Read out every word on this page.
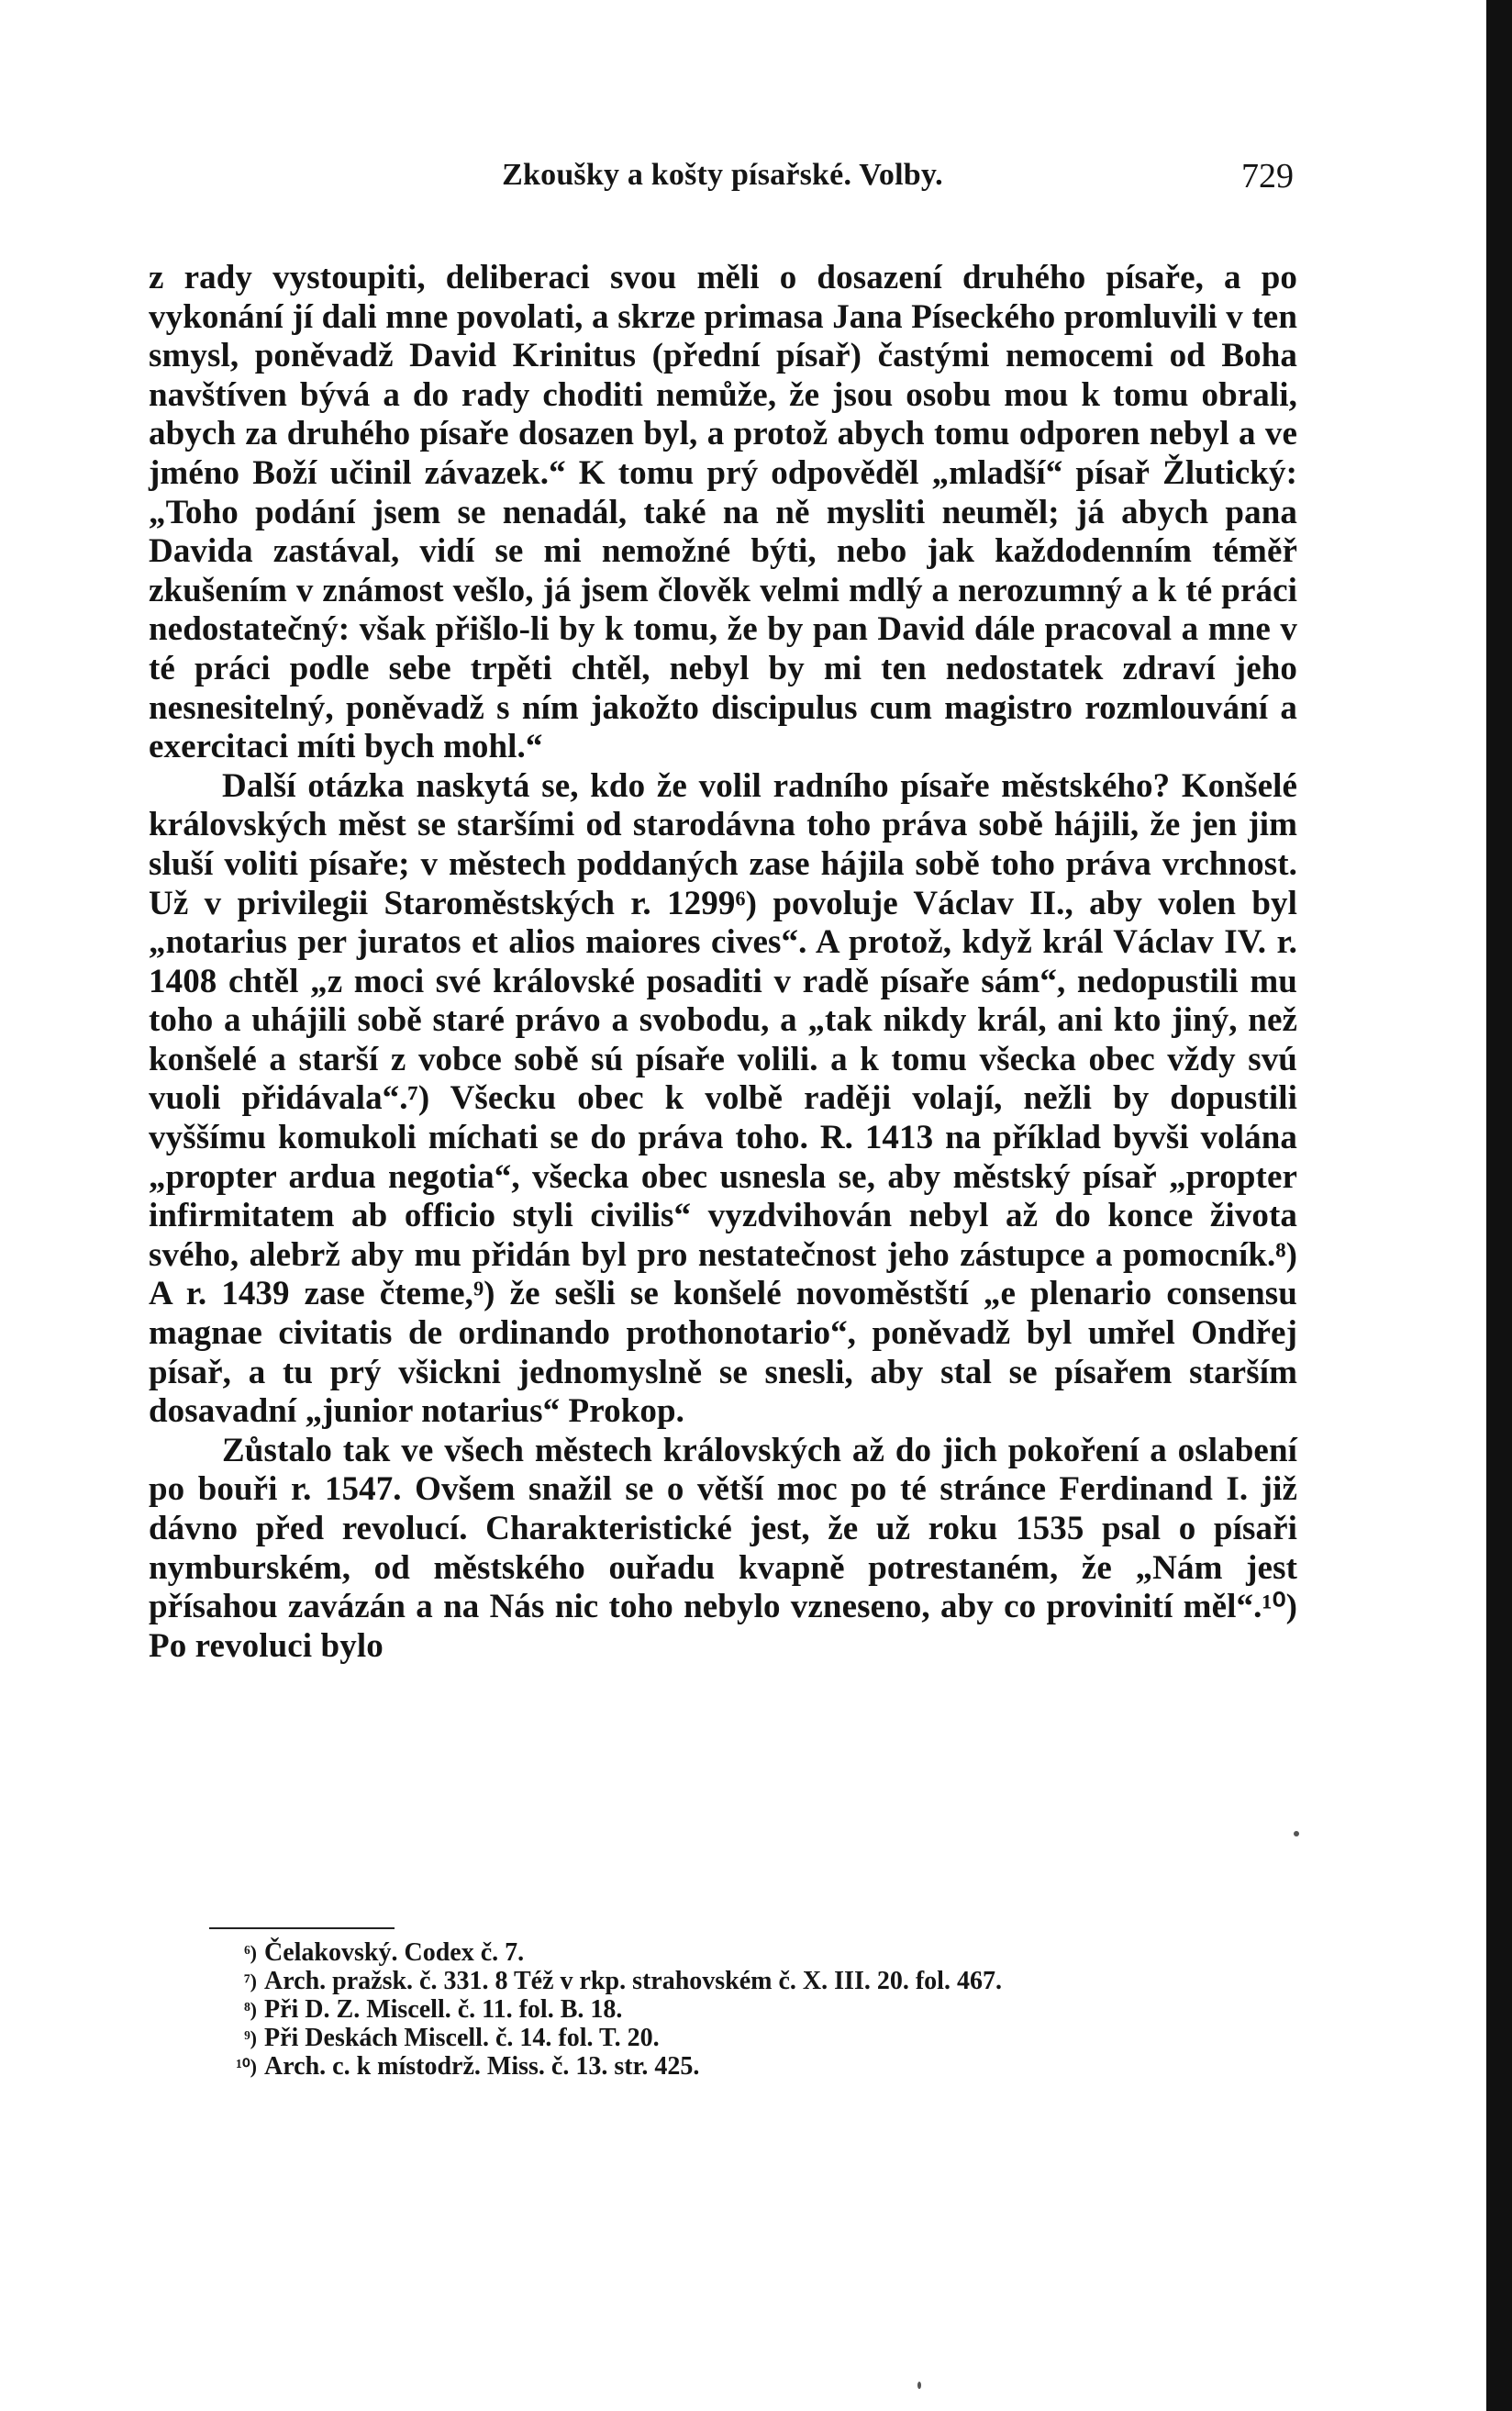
Zkoušky a košty písařské. Volby.	729

z rady vystoupiti, deliberaci svou měli o dosazení druhého písaře, a po vykonání jí dali mne povolati, a skrze primasa Jana Píseckého promluvili v ten smysl, poněvadž David Krinitus (přední písař) častými nemocemi od Boha navštíven bývá a do rady choditi nemůže, že jsou osobu mou k tomu obrali, abych za druhého písaře dosazen byl, a protož abych tomu odporen nebyl a ve jméno Boží učinil závazek.“ K tomu prý odpověděl „mladší“ písař Žlutický: „Toho podání jsem se nenadál, také na ně mysliti neuměl; já abych pana Davida zastával, vidí se mi nemožné býti, nebo jak každodenním téměř zkušením v známost vešlo, já jsem člověk velmi mdlý a nerozumný a k té práci nedostatečný: však přišlo-li by k tomu, že by pan David dále pracoval a mne v té práci podle sebe trpěti chtěl, nebyl by mi ten nedostatek zdraví jeho nesnesitelný, poněvadž s ním jakožto discipulus cum magistro rozmlouvání a exercitaci míti bych mohl.“

Další otázka naskytá se, kdo že volil radního písaře městského? Konšelé královských měst se staršími od starodávna toho práva sobě hájili, že jen jim sluší voliti písaře; v městech poddaných zase hájila sobě toho práva vrchnost. Už v privilegii Staroměstských r. 1299⁶) povoluje Václav II., aby volen byl „notarius per juratos et alios maiores cives“. A protož, když král Václav IV. r. 1408 chtěl „z moci své královské posaditi v radě písaře sám“, nedopustili mu toho a uhájili sobě staré právo a svobodu, a „tak nikdy král, ani kto jiný, než konšelé a starší z vobce sobě sú písaře volili. a k tomu všecka obec vždy svú vuoli přidávala“.⁷) Všecku obec k volbě raději volají, nežli by dopustili vyššímu komukoli míchati se do práva toho. R. 1413 na příklad byvši volána „propter ardua negotia“, všecka obec usnesla se, aby městský písař „propter infirmitatem ab officio styli civilis“ vyzdvihován nebyl až do konce života svého, alebrž aby mu přidán byl pro nestatečnost jeho zástupce a pomocník.⁸) A r. 1439 zase čteme,⁹) že sešli se konšelé novoměstští „e plenario consensu magnae civitatis de ordinando prothonotario“, poněvadž byl umřel Ondřej písař, a tu prý všickni jednomyslně se snesli, aby stal se písařem starším dosavadní „junior notarius“ Prokop.

Zůstalo tak ve všech městech královských až do jich pokoření a oslabení po bouři r. 1547. Ovšem snažil se o větší moc po té stránce Ferdinand I. již dávno před revolucí. Charakteristické jest, že už roku 1535 psal o písaři nymburském, od městského ouřadu kvapně potrestaném, že „Nám jest přísahou zavázán a na Nás nic toho nebylo vzneseno, aby co provinití měl“.¹⁰) Po revoluci bylo

⁶) Čelakovský. Codex č. 7.
⁷) Arch. pražsk. č. 331. 8 Též v rkp. strahovském č. X. III. 20. fol. 467.
⁸) Při D. Z. Miscell. č. 11. fol. B. 18.
⁹) Při Deskách Miscell. č. 14. fol. T. 20.
¹⁰) Arch. c. k místodrž. Miss. č. 13. str. 425.
